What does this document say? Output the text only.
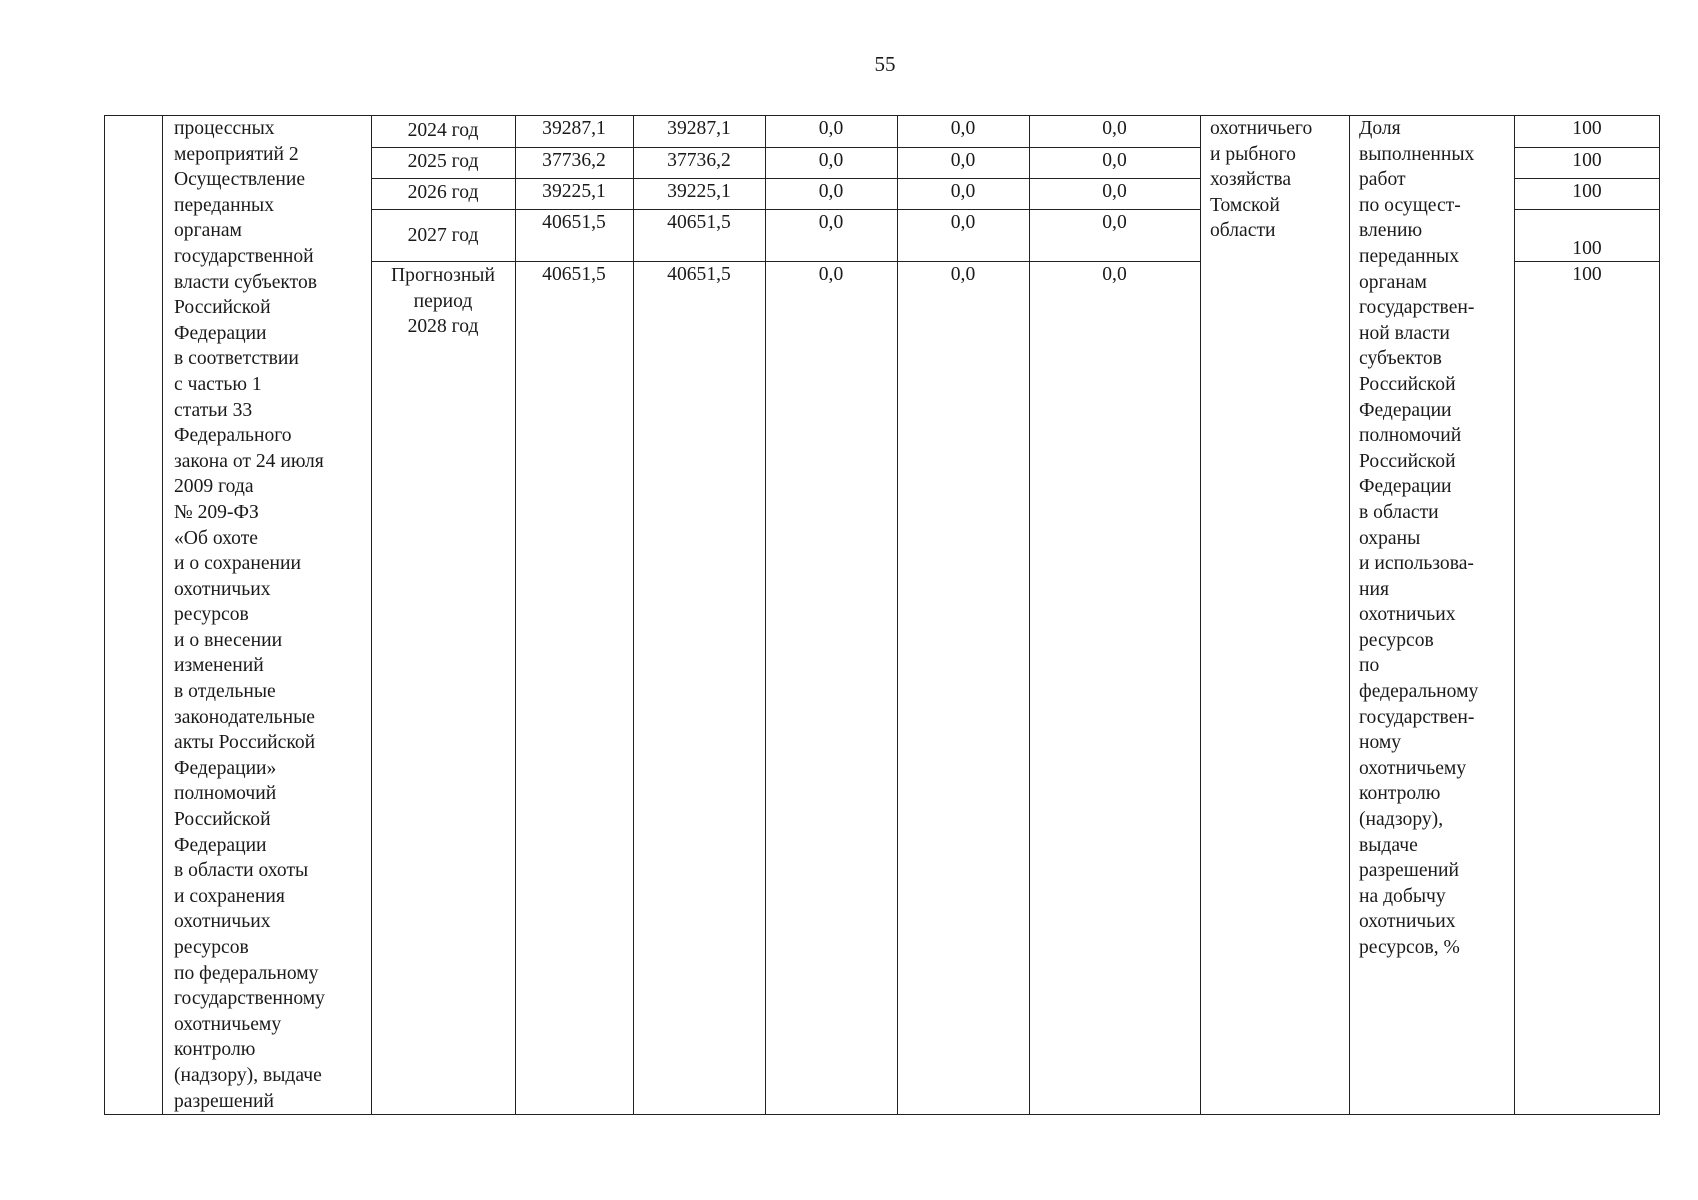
55
процессных
мероприятий 2
Осуществление
переданных
органам
государственной
власти субъектов
Российской
Федерации
в соответствии
с частью 1
статьи 33
Федерального
закона от 24 июля
2009 года
№ 209-ФЗ
«Об охоте
и о сохранении
охотничьих
ресурсов
и о внесении
изменений
в отдельные
законодательные
акты Российской
Федерации»
полномочий
Российской
Федерации
в области охоты
и сохранения
охотничьих
ресурсов
по федеральному
государственному
охотничьему
контролю
(надзору), выдаче
разрешений
2024 год
2025 год
2026 год
2027 год
Прогнозный
период
2028 год
39287,1
37736,2
39225,1
40651,5
40651,5
39287,1
37736,2
39225,1
40651,5
40651,5
0,0
0,0
0,0
0,0
0,0
0,0
0,0
0,0
0,0
0,0
0,0
0,0
0,0
0,0
0,0
охотничьего
и рыбного
хозяйства
Томской
области
Доля
выполненных
работ
по осущест-
влению
переданных
органам
государствен-
ной власти
субъектов
Российской
Федерации
полномочий
Российской
Федерации
в области
охраны
и использова-
ния
охотничьих
ресурсов
по
федеральному
государствен-
ному
охотничьему
контролю
(надзору),
выдаче
разрешений
на добычу
охотничьих
ресурсов, %
100
100
100
100
100
